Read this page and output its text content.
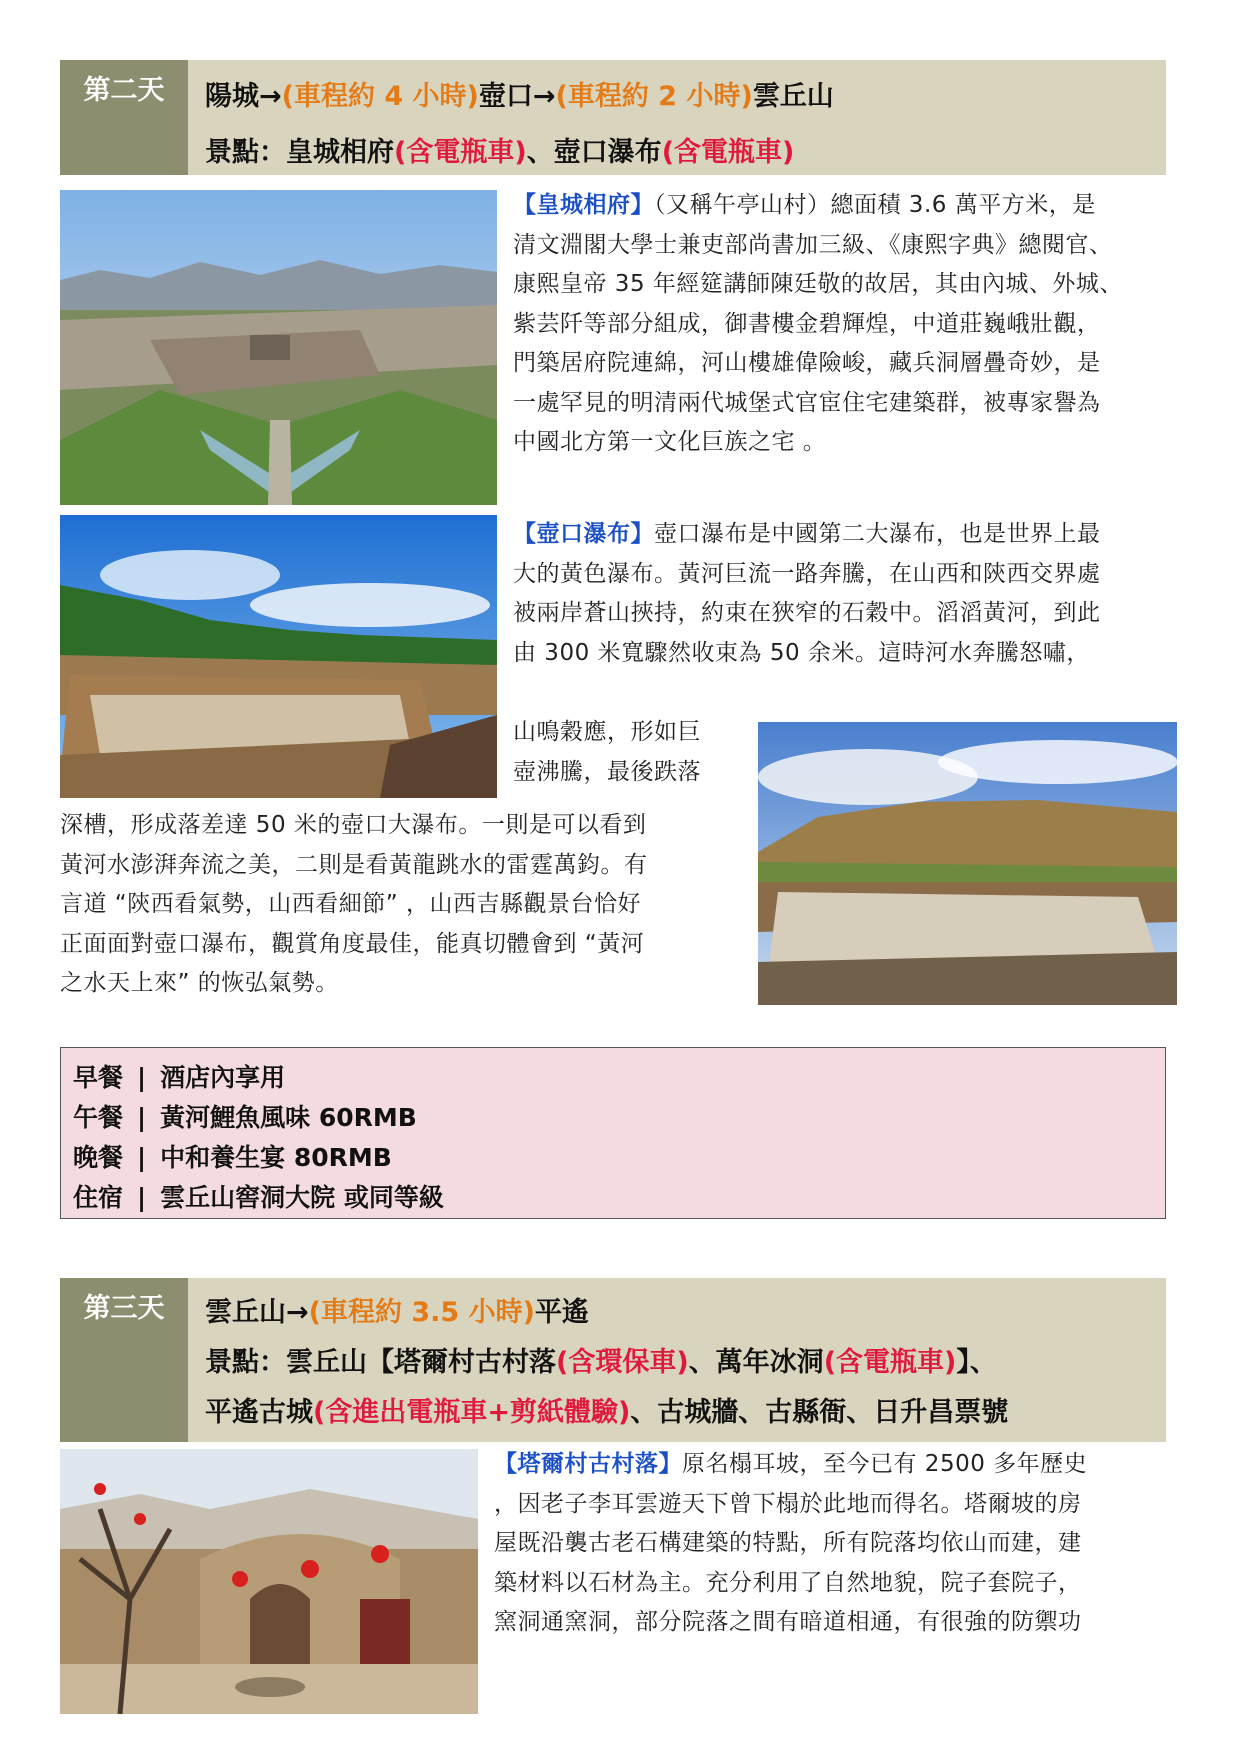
第二天	陽城→(車程約 4 小時)壺口→(車程約 2 小時)雲丘山
景點：皇城相府(含電瓶車)、壺口瀑布(含電瓶車)
【皇城相府】（又稱午亭山村）總面積 3.6 萬平方米，是
清文淵閣大學士兼吏部尚書加三級、《康熙字典》總閱官、
康熙皇帝 35 年經筵講師陳廷敬的故居，其由內城、外城、
紫芸阡等部分組成，御書樓金碧輝煌，中道莊巍峨壯觀，
門築居府院連綿，河山樓雄偉險峻，藏兵洞層疊奇妙，是
一處罕見的明清兩代城堡式官宦住宅建築群，被專家譽為
中國北方第一文化巨族之宅 。
【壺口瀑布】壺口瀑布是中國第二大瀑布，也是世界上最
大的黃色瀑布。黃河巨流一路奔騰，在山西和陝西交界處
被兩岸蒼山挾持，約束在狹窄的石穀中。滔滔黃河，到此
由 300 米寬驟然收束為 50 余米。這時河水奔騰怒嘯，
山鳴穀應，形如巨
壺沸騰，最後跌落
深槽，形成落差達 50 米的壺口大瀑布。一則是可以看到
黃河水澎湃奔流之美，二則是看黃龍跳水的雷霆萬鈞。有
言道 “陝西看氣勢，山西看細節” ，山西吉縣觀景台恰好
正面面對壺口瀑布，觀賞角度最佳，能真切體會到 “黃河
之水天上來” 的恢弘氣勢。
早餐 | 酒店內享用
午餐 | 黃河鯉魚風味 60RMB
晚餐 | 中和養生宴 80RMB
住宿 | 雲丘山窖洞大院 或同等級
第三天	雲丘山→(車程約 3.5 小時)平遙
景點：雲丘山【塔爾村古村落(含環保車)、萬年冰洞(含電瓶車)】、
平遙古城(含進出電瓶車+剪紙體驗)、古城牆、古縣衙、日升昌票號
【塔爾村古村落】原名榻耳坡，至今已有 2500 多年歷史
，因老子李耳雲遊天下曾下榻於此地而得名。塔爾坡的房
屋既沿襲古老石構建築的特點，所有院落均依山而建，建
築材料以石材為主。充分利用了自然地貌，院子套院子，
窯洞通窯洞，部分院落之間有暗道相通，有很強的防禦功
